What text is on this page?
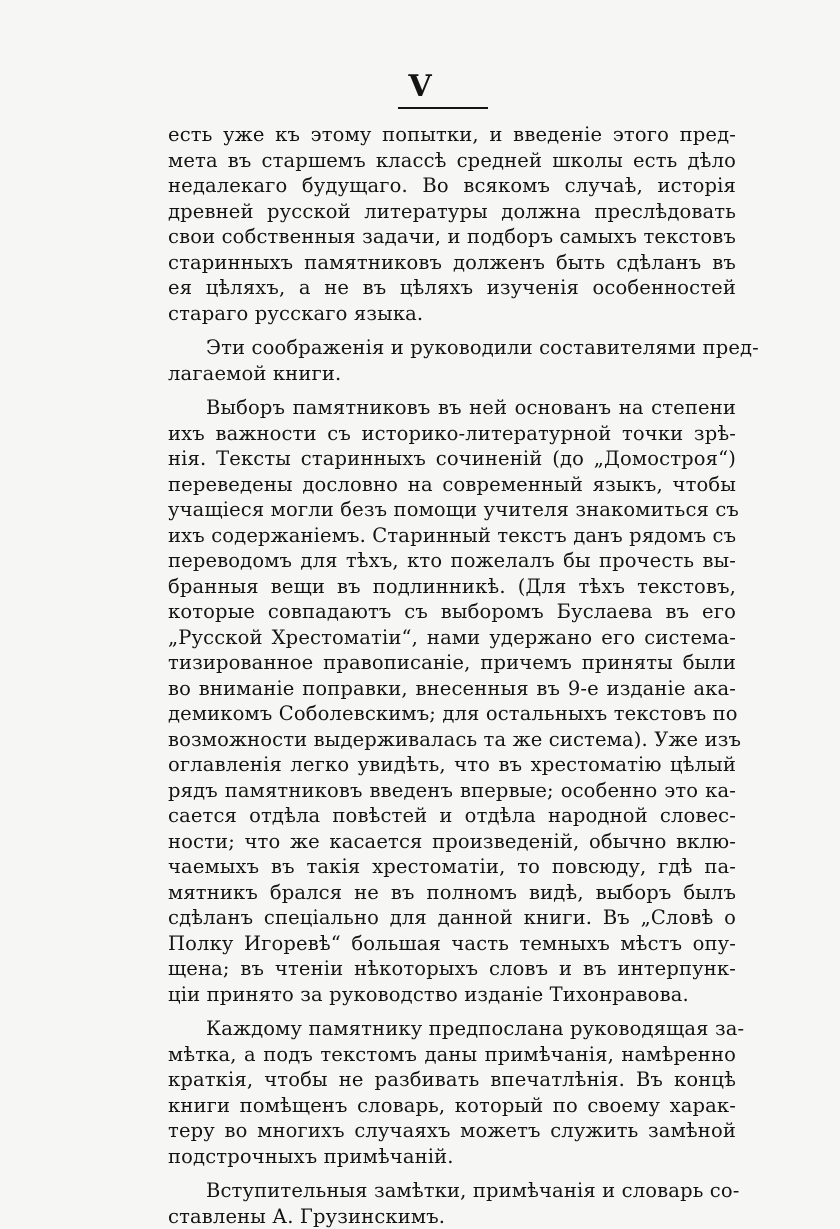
V
есть уже къ этому попытки, и введеніе этого пред-
мета въ старшемъ классѣ средней школы есть дѣло
недалекаго будущаго. Во всякомъ случаѣ, исторія
древней русской литературы должна преслѣдовать
свои собственныя задачи, и подборъ самыхъ текстовъ
старинныхъ памятниковъ долженъ быть сдѣланъ въ
ея цѣляхъ, а не въ цѣляхъ изученія особенностей
стараго русскаго языка.
Эти соображенія и руководили составителями пред-
лагаемой книги.
Выборъ памятниковъ въ ней основанъ на степени
ихъ важности съ историко-литературной точки зрѣ-
нія. Тексты старинныхъ сочиненій (до „Домостроя“)
переведены дословно на современный языкъ, чтобы
учащіеся могли безъ помощи учителя знакомиться съ
ихъ содержаніемъ. Старинный текстъ данъ рядомъ съ
переводомъ для тѣхъ, кто пожелалъ бы прочесть вы-
бранныя вещи въ подлинникѣ. (Для тѣхъ текстовъ,
которые совпадаютъ съ выборомъ Буслаева въ его
„Русской Хрестоматіи“, нами удержано его система-
тизированное правописаніе, причемъ приняты были
во вниманіе поправки, внесенныя въ 9-е изданіе ака-
демикомъ Соболевскимъ; для остальныхъ текстовъ по
возможности выдерживалась та же система). Уже изъ
оглавленія легко увидѣть, что въ хрестоматію цѣлый
рядъ памятниковъ введенъ впервые; особенно это ка-
сается отдѣла повѣстей и отдѣла народной словес-
ности; что же касается произведеній, обычно вклю-
чаемыхъ въ такія хрестоматіи, то повсюду, гдѣ па-
мятникъ брался не въ полномъ видѣ, выборъ былъ
сдѣланъ спеціально для данной книги. Въ „Словѣ о
Полку Игоревѣ“ большая часть темныхъ мѣстъ опу-
щена; въ чтеніи нѣкоторыхъ словъ и въ интерпунк-
ціи принято за руководство изданіе Тихонравова.
Каждому памятнику предпослана руководящая за-
мѣтка, а подъ текстомъ даны примѣчанія, намѣренно
краткія, чтобы не разбивать впечатлѣнія. Въ концѣ
книги помѣщенъ словарь, который по своему харак-
теру во многихъ случаяхъ можетъ служить замѣной
подстрочныхъ примѣчаній.
Вступительныя замѣтки, примѣчанія и словарь со-
ставлены А. Грузинскимъ.
